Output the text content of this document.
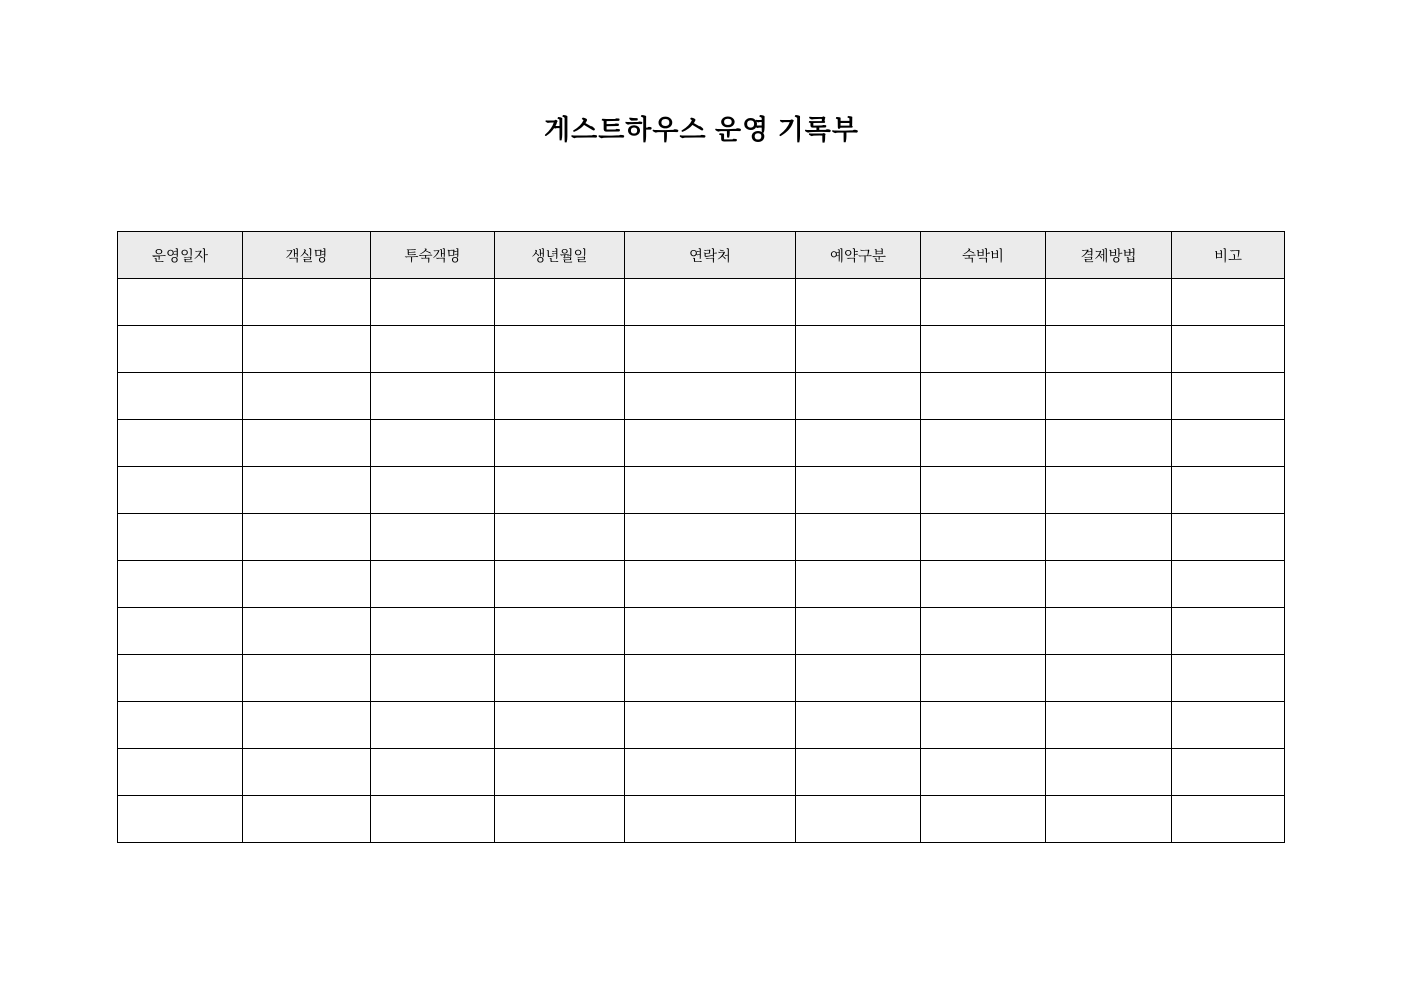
게스트하우스 운영 기록부
운영일자	객실명	투숙객명	생년월일	연락처	예약구분	숙박비	결제방법	비고
